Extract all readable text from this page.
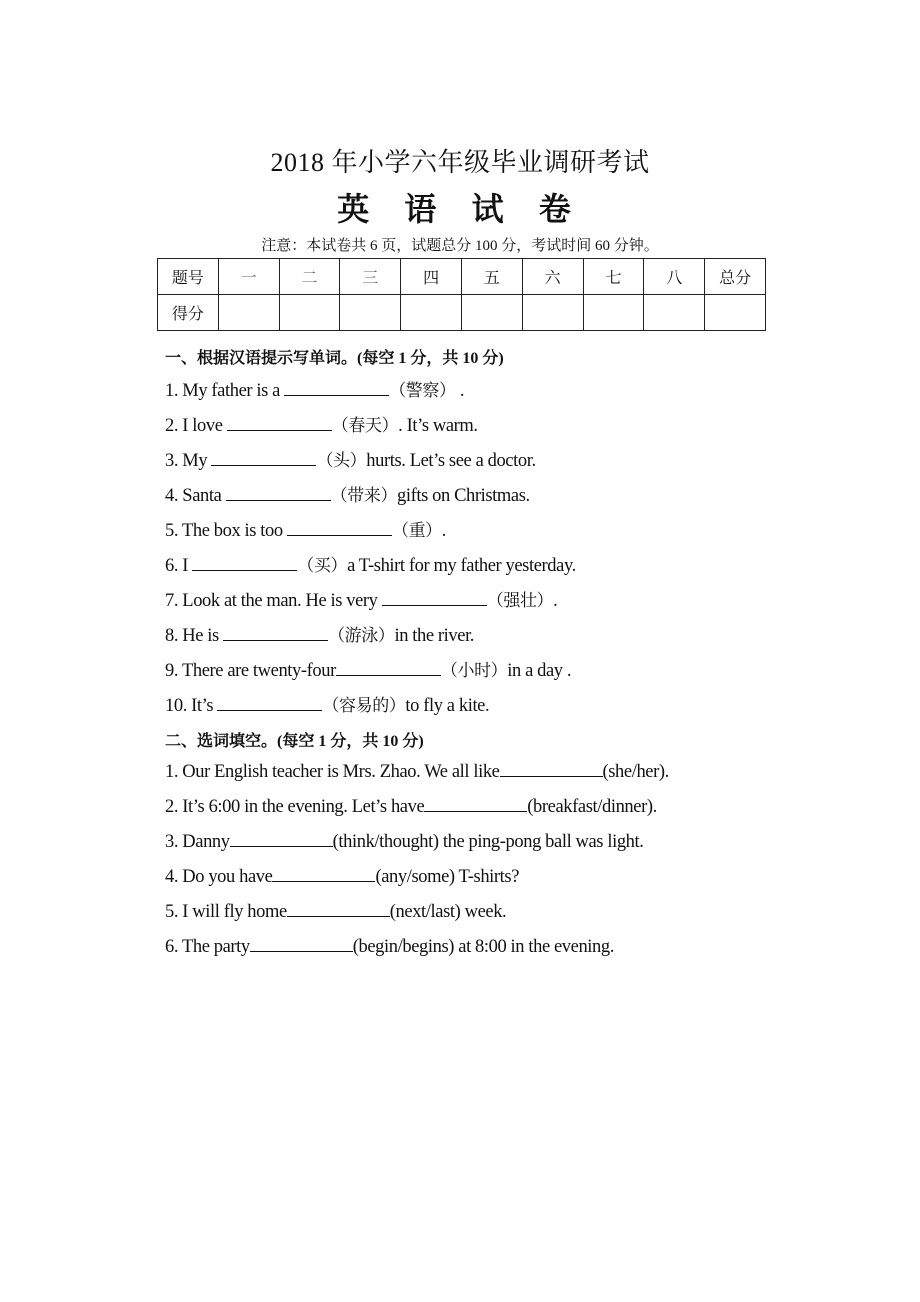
2018 年小学六年级毕业调研考试
英 语 试 卷
注意：本试卷共 6 页，试题总分 100 分，考试时间 60 分钟。
题号	一	二	三	四	五	六	七	八	总分
得分									
一、根据汉语提示写单词。(每空 1 分，共 10 分)
1. My father is a	（警察） .
2. I love	（春天）. It’s warm.
3. My	（头）hurts. Let’s see a doctor.
4. Santa	（带来）gifts on Christmas.
5. The box is too	（重）.
6. I	（买）a T-shirt for my father yesterday.
7. Look at the man. He is very	（强壮）.
8. He is	（游泳）in the river.
9. There are twenty-four	（小时）in a day .
10. It’s	（容易的）to fly a kite.
二、选词填空。(每空 1 分，共 10 分)
1. Our English teacher is Mrs. Zhao. We all like	(she/her).
2. It’s 6:00 in the evening. Let’s have	(breakfast/dinner).
3. Danny	(think/thought) the ping-pong ball was light.
4. Do you have	(any/some) T-shirts?
5. I will fly home	(next/last) week.
6. The party	(begin/begins) at 8:00 in the evening.
